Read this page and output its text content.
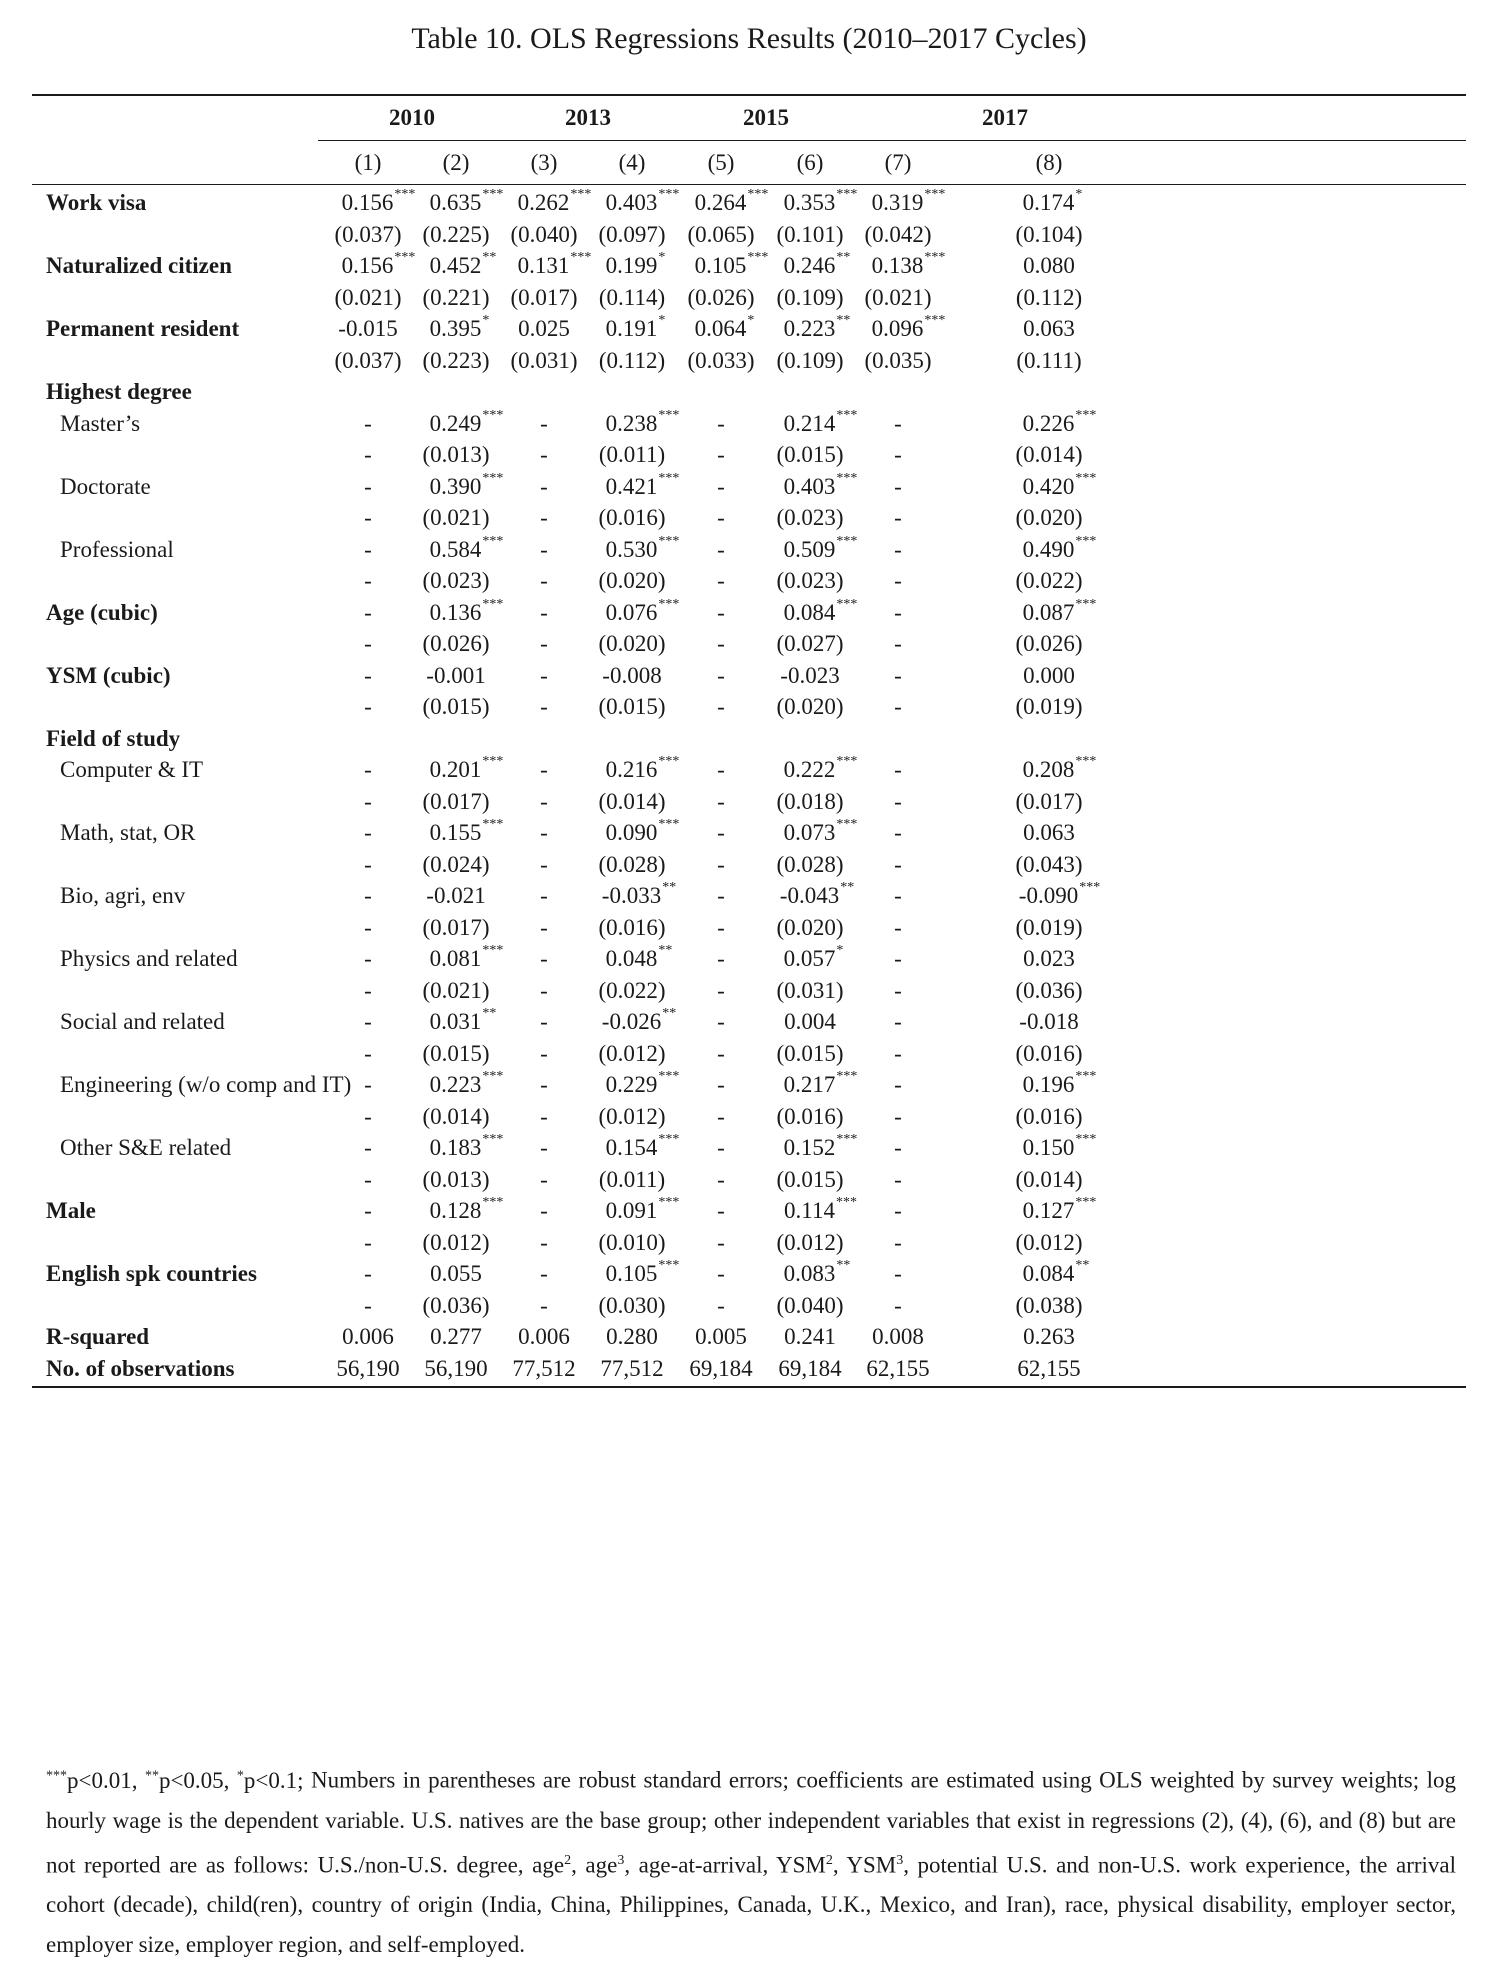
Table 10. OLS Regressions Results (2010–2017 Cycles)
2010	2013	2015	2017
(1)	(2)	(3)	(4)	(5)	(6)	(7)	(8)
Work visa	0.156*** 0.635*** 0.262*** 0.403*** 0.264*** 0.353*** 0.319***	0.174*
(0.037) (0.225) (0.040) (0.097) (0.065) (0.101) (0.042)	(0.104)
Naturalized citizen	0.156*** 0.452** 0.131*** 0.199* 0.105*** 0.246** 0.138***	0.080
(0.021) (0.221) (0.017) (0.114) (0.026) (0.109) (0.021)	(0.112)
Permanent resident	-0.015 0.395* 0.025 0.191* 0.064* 0.223** 0.096***	0.063
(0.037) (0.223) (0.031) (0.112) (0.033) (0.109) (0.035)	(0.111)
Highest degree
Master’s	-	0.249*** -	0.238*** -	0.214*** -	0.226***
- (0.013) - (0.011) - (0.015) -	(0.014)
Doctorate	-	0.390*** -	0.421*** -	0.403*** -	0.420***
- (0.021) - (0.016) - (0.023) -	(0.020)
Professional	-	0.584*** -	0.530*** -	0.509*** -	0.490***
- (0.023) - (0.020) - (0.023) -	(0.022)
Age (cubic)	-	0.136*** -	0.076*** -	0.084*** -	0.087***
- (0.026) - (0.020) - (0.027) -	(0.026)
YSM (cubic)	- -0.001 - -0.008 - -0.023 -	0.000
- (0.015) - (0.015) - (0.020) -	(0.019)
Field of study
Computer & IT	-	0.201*** -	0.216*** -	0.222*** -	0.208***
- (0.017) - (0.014) - (0.018) -	(0.017)
Math, stat, OR	-	0.155*** -	0.090*** -	0.073*** -	0.063
- (0.024) - (0.028) - (0.028) -	(0.043)
Bio, agri, env	- -0.021 - -0.033** - -0.043** -	-0.090***
- (0.017) - (0.016) - (0.020) -	(0.019)
Physics and related	-	0.081*** -	0.048** -	0.057* -	0.023
- (0.021) - (0.022) - (0.031) -	(0.036)
Social and related	-	0.031** - -0.026** -	0.004	-	-0.018
- (0.015) - (0.012) - (0.015) -	(0.016)
Engineering (w/o comp and IT) -	0.223*** -	0.229*** -	0.217*** -	0.196***
- (0.014) - (0.012) - (0.016) -	(0.016)
Other S&E related	-	0.183*** -	0.154*** -	0.152*** -	0.150***
- (0.013) - (0.011) - (0.015) -	(0.014)
Male	-	0.128*** -	0.091*** -	0.114*** -	0.127***
- (0.012) - (0.010) - (0.012) -	(0.012)
English spk countries	-	0.055	-	0.105*** -	0.083** -	0.084**
- (0.036) - (0.030) - (0.040) -	(0.038)
R-squared	0.006 0.277 0.006 0.280 0.005 0.241 0.008	0.263
No. of observations	56,190 56,190 77,512 77,512 69,184 69,184 62,155	62,155
***p<0.01, **p<0.05, *p<0.1; Numbers in parentheses are robust standard errors; coefficients are estimated using OLS weighted by survey weights; log hourly wage is the dependent variable. U.S. natives are the base group; other independent variables that exist in regressions (2), (4), (6), and (8) but are not reported are as follows: U.S./non-U.S. degree, age$^2$, age$^3$, age-at-arrival, YSM$^2$, YSM$^3$, potential U.S. and non-U.S. work experience, the arrival cohort (decade), child(ren), country of origin (India, China, Philippines, Canada, U.K., Mexico, and Iran), race, physical disability, employer sector, employer size, employer region, and self-employed.
